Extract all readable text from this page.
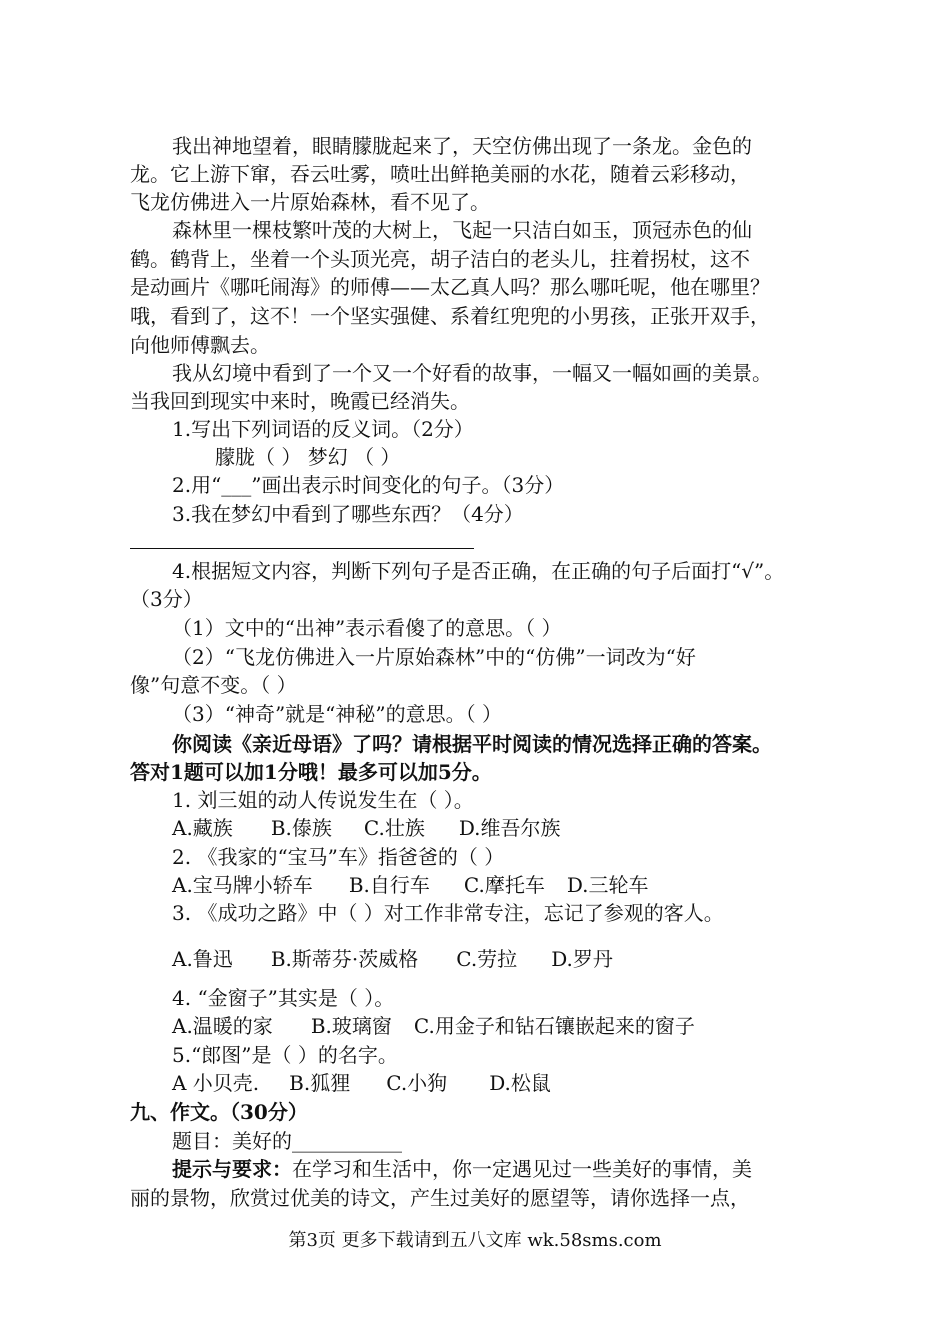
我出神地望着，眼睛朦胧起来了，天空仿佛出现了一条龙。金色的
龙。它上游下窜，吞云吐雾，喷吐出鲜艳美丽的水花，随着云彩移动，
飞龙仿佛进入一片原始森林，看不见了。
森林里一棵枝繁叶茂的大树上，飞起一只洁白如玉，顶冠赤色的仙
鹤。鹤背上，坐着一个头顶光亮，胡子洁白的老头儿，拄着拐杖，这不
是动画片《哪吒闹海》的师傅——太乙真人吗？那么哪吒呢，他在哪里？
哦，看到了，这不！一个坚实强健、系着红兜兜的小男孩，正张开双手，
向他师傅飘去。
我从幻境中看到了一个又一个好看的故事，一幅又一幅如画的美景。
当我回到现实中来时，晚霞已经消失。
1.写出下列词语的反义词。（2分）
朦胧（ ） 梦幻 （ ）
2.用“___”画出表示时间变化的句子。（3分）
3.我在梦幻中看到了哪些东西？（4分）
4.根据短文内容，判断下列句子是否正确，在正确的句子后面打“√”。
（3分）
（1）文中的“出神”表示看傻了的意思。（ ）
（2）“飞龙仿佛进入一片原始森林”中的“仿佛”一词改为“好
像”句意不变。（ ）
（3）“神奇”就是“神秘”的意思。（ ）
你阅读《亲近母语》了吗？请根据平时阅读的情况选择正确的答案。
答对1题可以加1分哦！最多可以加5分。
1. 刘三姐的动人传说发生在（ ）。
A.藏族 B.傣族 C.壮族 D.维吾尔族
2. 《我家的“宝马”车》指爸爸的（ ）
A.宝马牌小轿车 B.自行车 C.摩托车 D.三轮车
3. 《成功之路》中（ ）对工作非常专注，忘记了参观的客人。
A.鲁迅 B.斯蒂芬·茨威格 C.劳拉 D.罗丹
4. “金窗子”其实是（ ）。
A.温暖的家 B.玻璃窗 C.用金子和钻石镶嵌起来的窗子
5.“郎图”是（ ）的名字。
A 小贝壳. B.狐狸 C.小狗 D.松鼠
九、作文。（30分）
题目：美好的___________
提示与要求：在学习和生活中，你一定遇见过一些美好的事情，美
丽的景物，欣赏过优美的诗文，产生过美好的愿望等，请你选择一点，
第3页 更多下载请到五八文库 wk.58sms.com
